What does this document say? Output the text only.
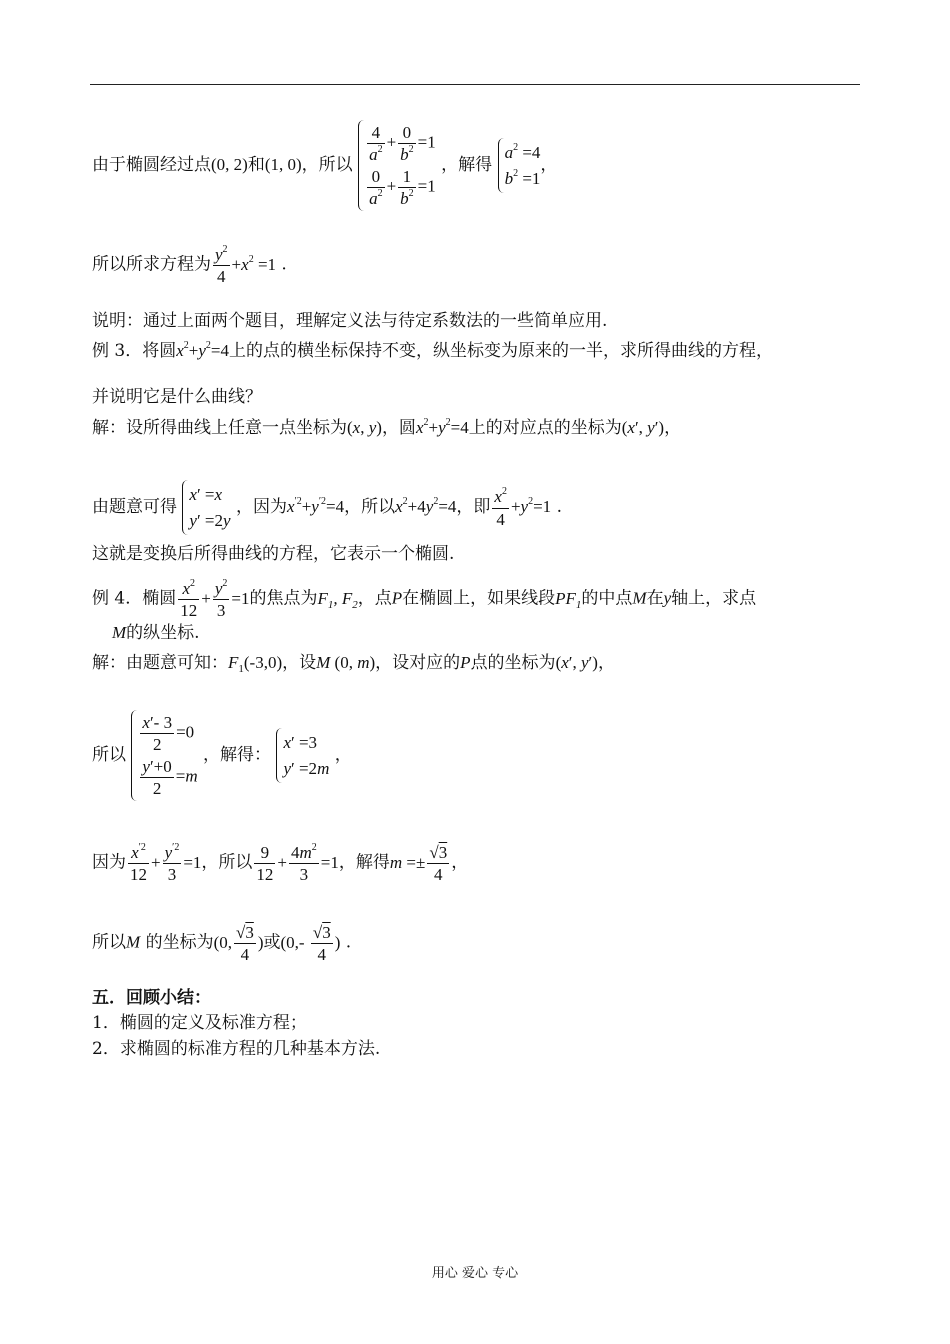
由于椭圆经过点(0, 2)和(1, 0)，所以 $\frac{4}{a^2} + \frac{0}{b^2} =1$
$\frac{0}{a^2} + \frac{1}{b^2} =1$
，解得
$a^2 =4$
$b^2 =1$
，
所以所求方程为 $\frac{y^2}{4} +x^2 =1$ .
说明：通过上面两个题目，理解定义法与待定系数法的一些简单应用.
例 3．将圆$x^2+y^2=4$上的点的横坐标保持不变，纵坐标变为原来的一半，求所得曲线的方程，
并说明它是什么曲线？
解：设所得曲线上任意一点坐标为(x, y)，圆$x^2+y^2=4$上的对应点的坐标为(x′, y′)，
由题意可得
x′ =x
y′ =2y
，因为$x^{'2}+y^{'2}=4$，所以$x^2+4y^2=4$，即 $\frac{x^2}{4} +y^2=1$ .
这就是变换后所得曲线的方程，它表示一个椭圆.
例 4．椭圆 $\frac{x^2}{12} + \frac{y^2}{3} =1$的焦点为$F_1$, $F_2$，点P在椭圆上，如果线段$PF_1$的中点M在y轴上，求点
M的纵坐标.
解：由题意可知：$F_1(-3,0)$，设M (0, m)，设对应的P点的坐标为(x′, y′)，
所以 $\frac{x'- 3}{2} =0$
$\frac{y'+0}{2} =m$
，解得：
x′ =3
y′ =2m
，
因为 $\frac{x^{'2}}{12} + \frac{y^{'2}}{3} =1$，所以 $\frac{9}{12} + \frac{4m^2}{3} =1$，解得$m =\pm \frac{√3}{4}$ ，
所以M 的坐标为(0, $\frac{√3}{4}$ )或($0,- \frac{√3}{4}$ ) .
五．回顾小结：
1．椭圆的定义及标准方程；
2．求椭圆的标准方程的几种基本方法.
用心 爱心 专心
